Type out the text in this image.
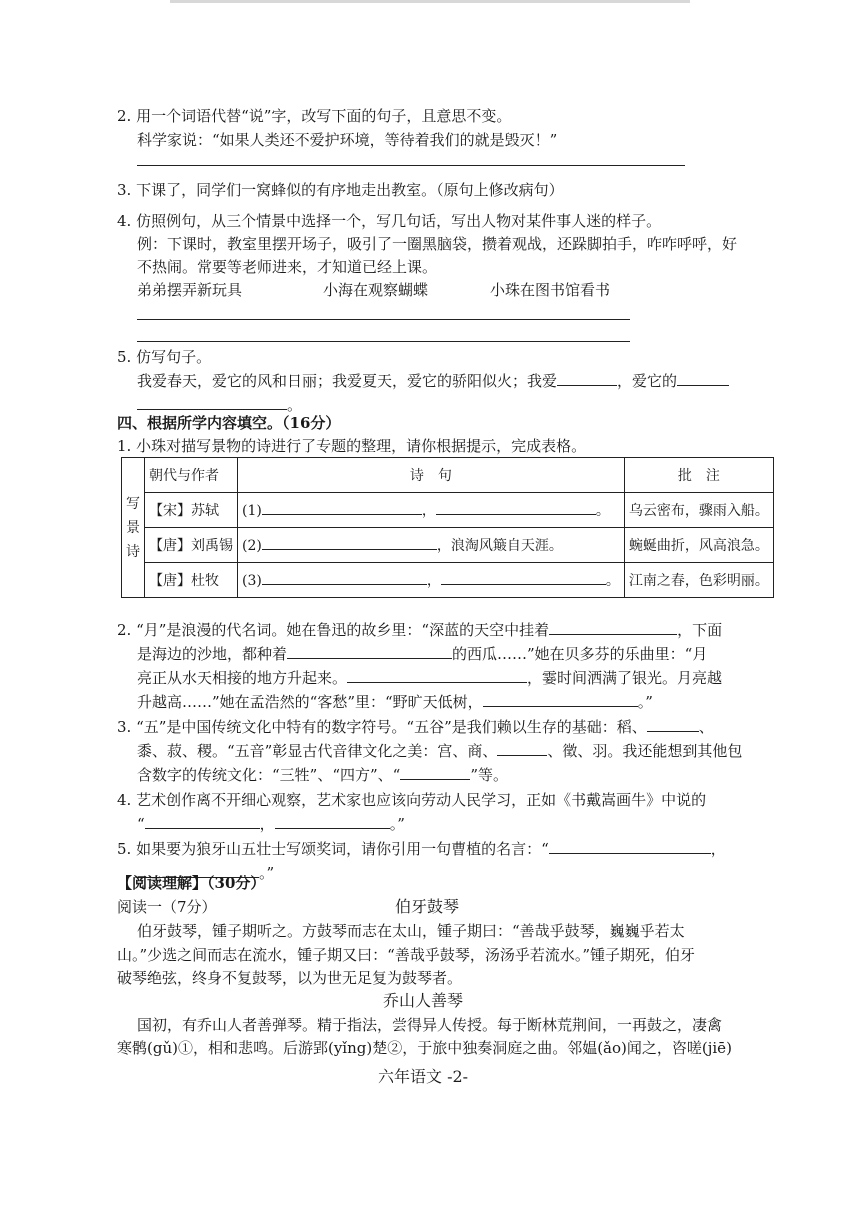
2. 用一个词语代替“说”字，改写下面的句子，且意思不变。
科学家说：“如果人类还不爱护环境，等待着我们的就是毁灭！”
3. 下课了，同学们一窝蜂似的有序地走出教室。（原句上修改病句）
4. 仿照例句，从三个情景中选择一个，写几句话，写出人物对某件事人迷的样子。
例：下课时，教室里摆开场子，吸引了一圈黑脑袋，攒着观战，还跺脚拍手，咋咋呼呼，好
不热闹。常要等老师进来，才知道已经上课。
弟弟摆弄新玩具	小海在观察蝴蝶	小珠在图书馆看书
5. 仿写句子。
我爱春天，爱它的风和日丽；我爱夏天，爱它的骄阳似火；我爱	，爱它的
。
四、根据所学内容填空。（16分）
1. 小珠对描写景物的诗进行了专题的整理，请你根据提示，完成表格。
写景诗	朝代与作者	诗　句	批　注
	【宋】苏轼	(1) ， 。	乌云密布，骤雨入船。
	【唐】刘禹锡	(2) ，浪淘风簸自天涯。	蜿蜒曲折，风高浪急。
	【唐】杜牧	(3) ， 。	江南之春，色彩明丽。
2. “月”是浪漫的代名词。她在鲁迅的故乡里：“深蓝的天空中挂着	，下面
是海边的沙地，都种着	的西瓜……”她在贝多芬的乐曲里：“月
亮正从水天相接的地方升起来。	，霎时间洒满了银光。月亮越
升越高……”她在孟浩然的“客愁”里：“野旷天低树，	。”
3. “五”是中国传统文化中特有的数字符号。“五谷”是我们赖以生存的基础：稻、	、
黍、菽、稷。“五音”彰显古代音律文化之美：宫、商、	、徵、羽。我还能想到其他包
含数字的传统文化：“三牲”、“四方”、“	”等。
4. 艺术创作离不开细心观察，艺术家也应该向劳动人民学习，正如《书戴嵩画牛》中说的
“	，	。”
5. 如果要为狼牙山五壮士写颂奖词，请你引用一句曹植的名言：“	，
。”
【阅读理解】（30分）
阅读一（7分）	伯牙鼓琴
伯牙鼓琴，锺子期听之。方鼓琴而志在太山，锺子期曰：“善哉乎鼓琴，巍巍乎若太
山。”少选之间而志在流水，锺子期又曰：“善哉乎鼓琴，汤汤乎若流水。”锺子期死，伯牙
破琴绝弦，终身不复鼓琴，以为世无足复为鼓琴者。
乔山人善琴
国初，有乔山人者善弹琴。精于指法，尝得异人传授。每于断林荒荆间，一再鼓之，凄禽
寒鹘(gǔ)①，相和悲鸣。后游郢(yǐng)楚②，于旅中独奏洞庭之曲。邻媪(ǎo)闻之，咨嗟(jiē)
六年语文 -2-
